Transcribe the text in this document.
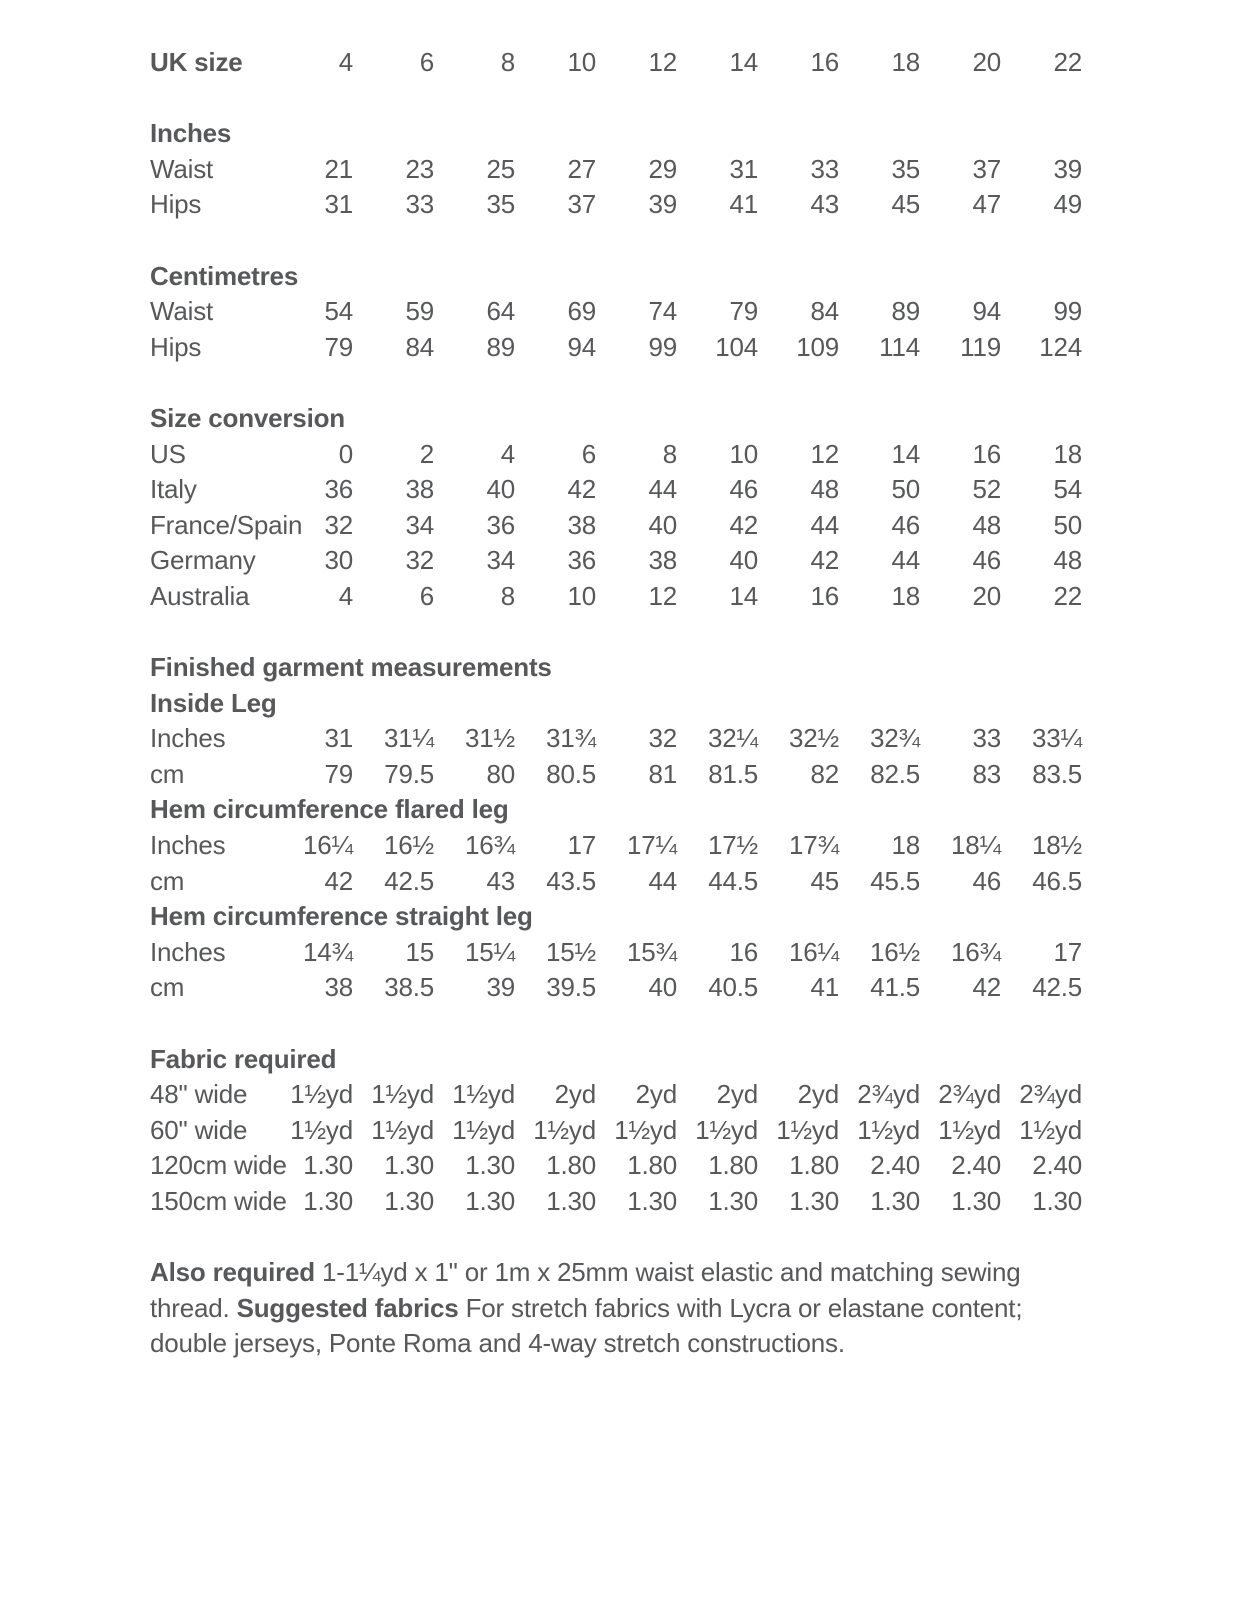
UK size	4	6	8	10	12	14	16	18	20	22

Inches										
Waist	21	23	25	27	29	31	33	35	37	39
Hips	31	33	35	37	39	41	43	45	47	49

Centimetres										
Waist	54	59	64	69	74	79	84	89	94	99
Hips	79	84	89	94	99	104	109	114	119	124

Size conversion										
US	0	2	4	6	8	10	12	14	16	18
Italy	36	38	40	42	44	46	48	50	52	54
France/Spain	32	34	36	38	40	42	44	46	48	50
Germany	30	32	34	36	38	40	42	44	46	48
Australia	4	6	8	10	12	14	16	18	20	22

Finished garment measurements										
Inside Leg										
Inches	31	31¼	31½	31¾	32	32¼	32½	32¾	33	33¼
cm	79	79.5	80	80.5	81	81.5	82	82.5	83	83.5
Hem circumference flared leg										
Inches	16¼	16½	16¾	17	17¼	17½	17¾	18	18¼	18½
cm	42	42.5	43	43.5	44	44.5	45	45.5	46	46.5
Hem circumference straight leg										
Inches	14¾	15	15¼	15½	15¾	16	16¼	16½	16¾	17
cm	38	38.5	39	39.5	40	40.5	41	41.5	42	42.5

Fabric required										
48" wide	1½yd	1½yd	1½yd	2yd	2yd	2yd	2yd	2¾yd	2¾yd	2¾yd
60" wide	1½yd	1½yd	1½yd	1½yd	1½yd	1½yd	1½yd	1½yd	1½yd	1½yd
120cm wide	1.30	1.30	1.30	1.80	1.80	1.80	1.80	2.40	2.40	2.40
150cm wide	1.30	1.30	1.30	1.30	1.30	1.30	1.30	1.30	1.30	1.30
Also required 1-1¼yd x 1" or 1m x 25mm waist elastic and matching sewing
thread. Suggested fabrics For stretch fabrics with Lycra or elastane content;
double jerseys, Ponte Roma and 4-way stretch constructions.
